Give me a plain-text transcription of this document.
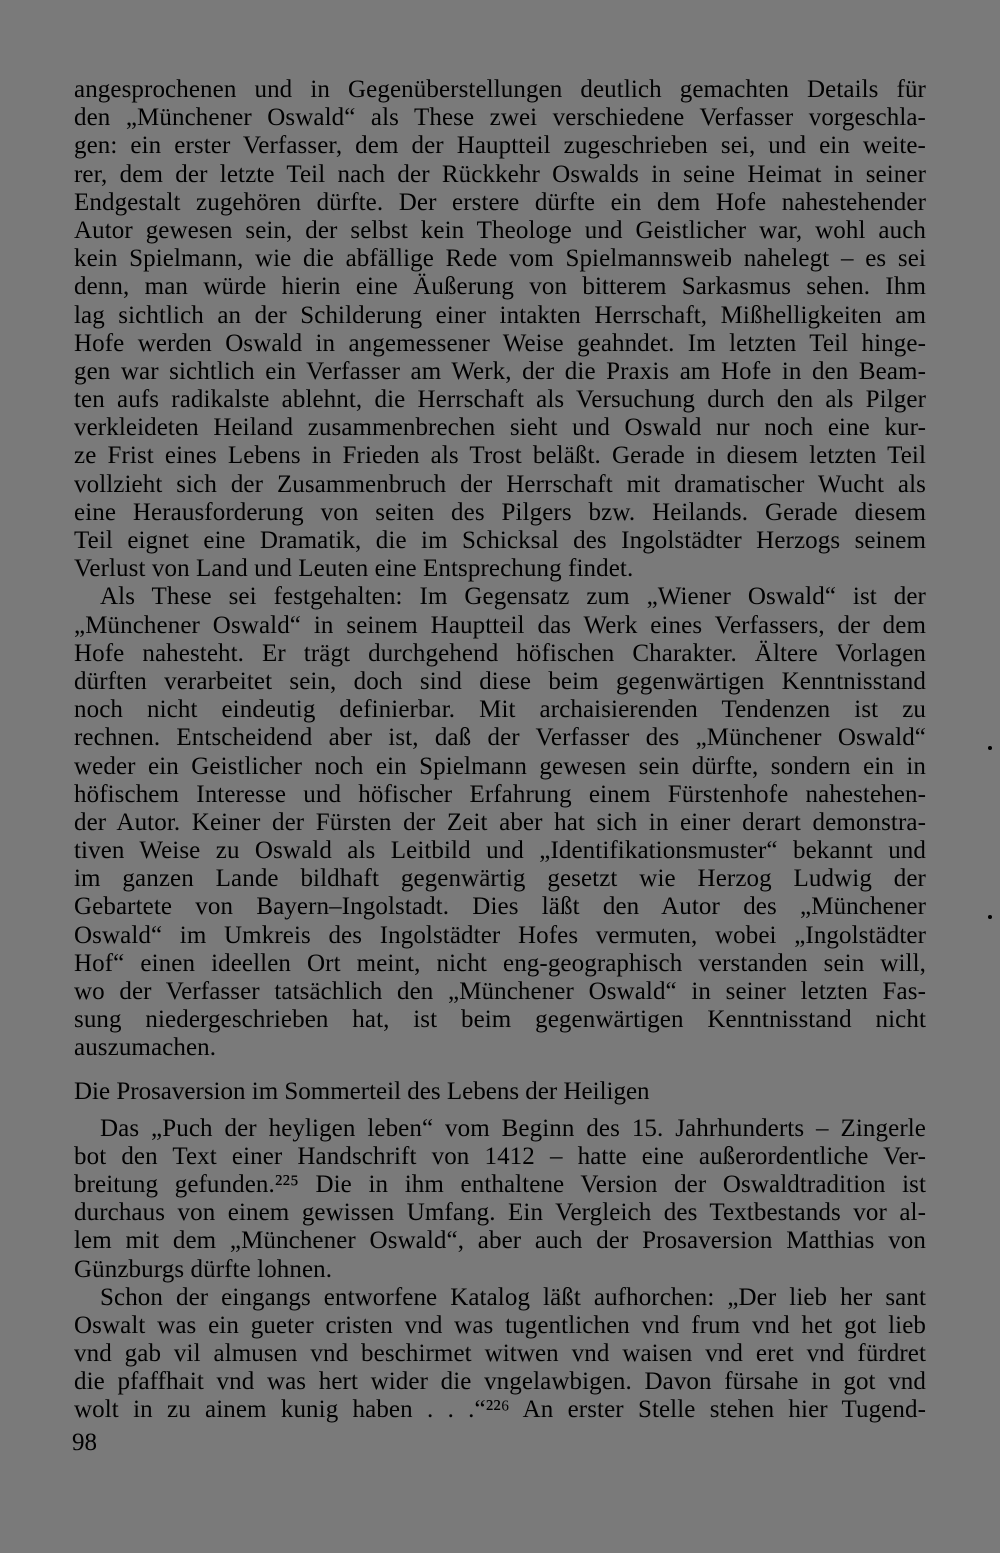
angesprochenen und in Gegenüberstellungen deutlich gemachten Details für
den „Münchener Oswald“ als These zwei verschiedene Verfasser vorgeschla-
gen: ein erster Verfasser, dem der Hauptteil zugeschrieben sei, und ein weite-
rer, dem der letzte Teil nach der Rückkehr Oswalds in seine Heimat in seiner
Endgestalt zugehören dürfte. Der erstere dürfte ein dem Hofe nahestehender
Autor gewesen sein, der selbst kein Theologe und Geistlicher war, wohl auch
kein Spielmann, wie die abfällige Rede vom Spielmannsweib nahelegt – es sei
denn, man würde hierin eine Äußerung von bitterem Sarkasmus sehen. Ihm
lag sichtlich an der Schilderung einer intakten Herrschaft, Mißhelligkeiten am
Hofe werden Oswald in angemessener Weise geahndet. Im letzten Teil hinge-
gen war sichtlich ein Verfasser am Werk, der die Praxis am Hofe in den Beam-
ten aufs radikalste ablehnt, die Herrschaft als Versuchung durch den als Pilger
verkleideten Heiland zusammenbrechen sieht und Oswald nur noch eine kur-
ze Frist eines Lebens in Frieden als Trost beläßt. Gerade in diesem letzten Teil
vollzieht sich der Zusammenbruch der Herrschaft mit dramatischer Wucht als
eine Herausforderung von seiten des Pilgers bzw. Heilands. Gerade diesem
Teil eignet eine Dramatik, die im Schicksal des Ingolstädter Herzogs seinem
Verlust von Land und Leuten eine Entsprechung findet.
Als These sei festgehalten: Im Gegensatz zum „Wiener Oswald“ ist der
„Münchener Oswald“ in seinem Hauptteil das Werk eines Verfassers, der dem
Hofe nahesteht. Er trägt durchgehend höfischen Charakter. Ältere Vorlagen
dürften verarbeitet sein, doch sind diese beim gegenwärtigen Kenntnisstand
noch nicht eindeutig definierbar. Mit archaisierenden Tendenzen ist zu
rechnen. Entscheidend aber ist, daß der Verfasser des „Münchener Oswald“
weder ein Geistlicher noch ein Spielmann gewesen sein dürfte, sondern ein in
höfischem Interesse und höfischer Erfahrung einem Fürstenhofe nahestehen-
der Autor. Keiner der Fürsten der Zeit aber hat sich in einer derart demonstra-
tiven Weise zu Oswald als Leitbild und „Identifikationsmuster“ bekannt und
im ganzen Lande bildhaft gegenwärtig gesetzt wie Herzog Ludwig der
Gebartete von Bayern–Ingolstadt. Dies läßt den Autor des „Münchener
Oswald“ im Umkreis des Ingolstädter Hofes vermuten, wobei „Ingolstädter
Hof“ einen ideellen Ort meint, nicht eng-geographisch verstanden sein will,
wo der Verfasser tatsächlich den „Münchener Oswald“ in seiner letzten Fas-
sung niedergeschrieben hat, ist beim gegenwärtigen Kenntnisstand nicht
auszumachen.
Die Prosaversion im Sommerteil des Lebens der Heiligen
Das „Puch der heyligen leben“ vom Beginn des 15. Jahrhunderts – Zingerle
bot den Text einer Handschrift von 1412 – hatte eine außerordentliche Ver-
breitung gefunden.²²⁵ Die in ihm enthaltene Version der Oswaldtradition ist
durchaus von einem gewissen Umfang. Ein Vergleich des Textbestands vor al-
lem mit dem „Münchener Oswald“, aber auch der Prosaversion Matthias von
Günzburgs dürfte lohnen.
Schon der eingangs entworfene Katalog läßt aufhorchen: „Der lieb her sant
Oswalt was ein gueter cristen vnd was tugentlichen vnd frum vnd het got lieb
vnd gab vil almusen vnd beschirmet witwen vnd waisen vnd eret vnd fürdret
die pfaffhait vnd was hert wider die vngelawbigen. Davon fürsahe in got vnd
wolt in zu ainem kunig haben . . .“²²⁶ An erster Stelle stehen hier Tugend-
98
